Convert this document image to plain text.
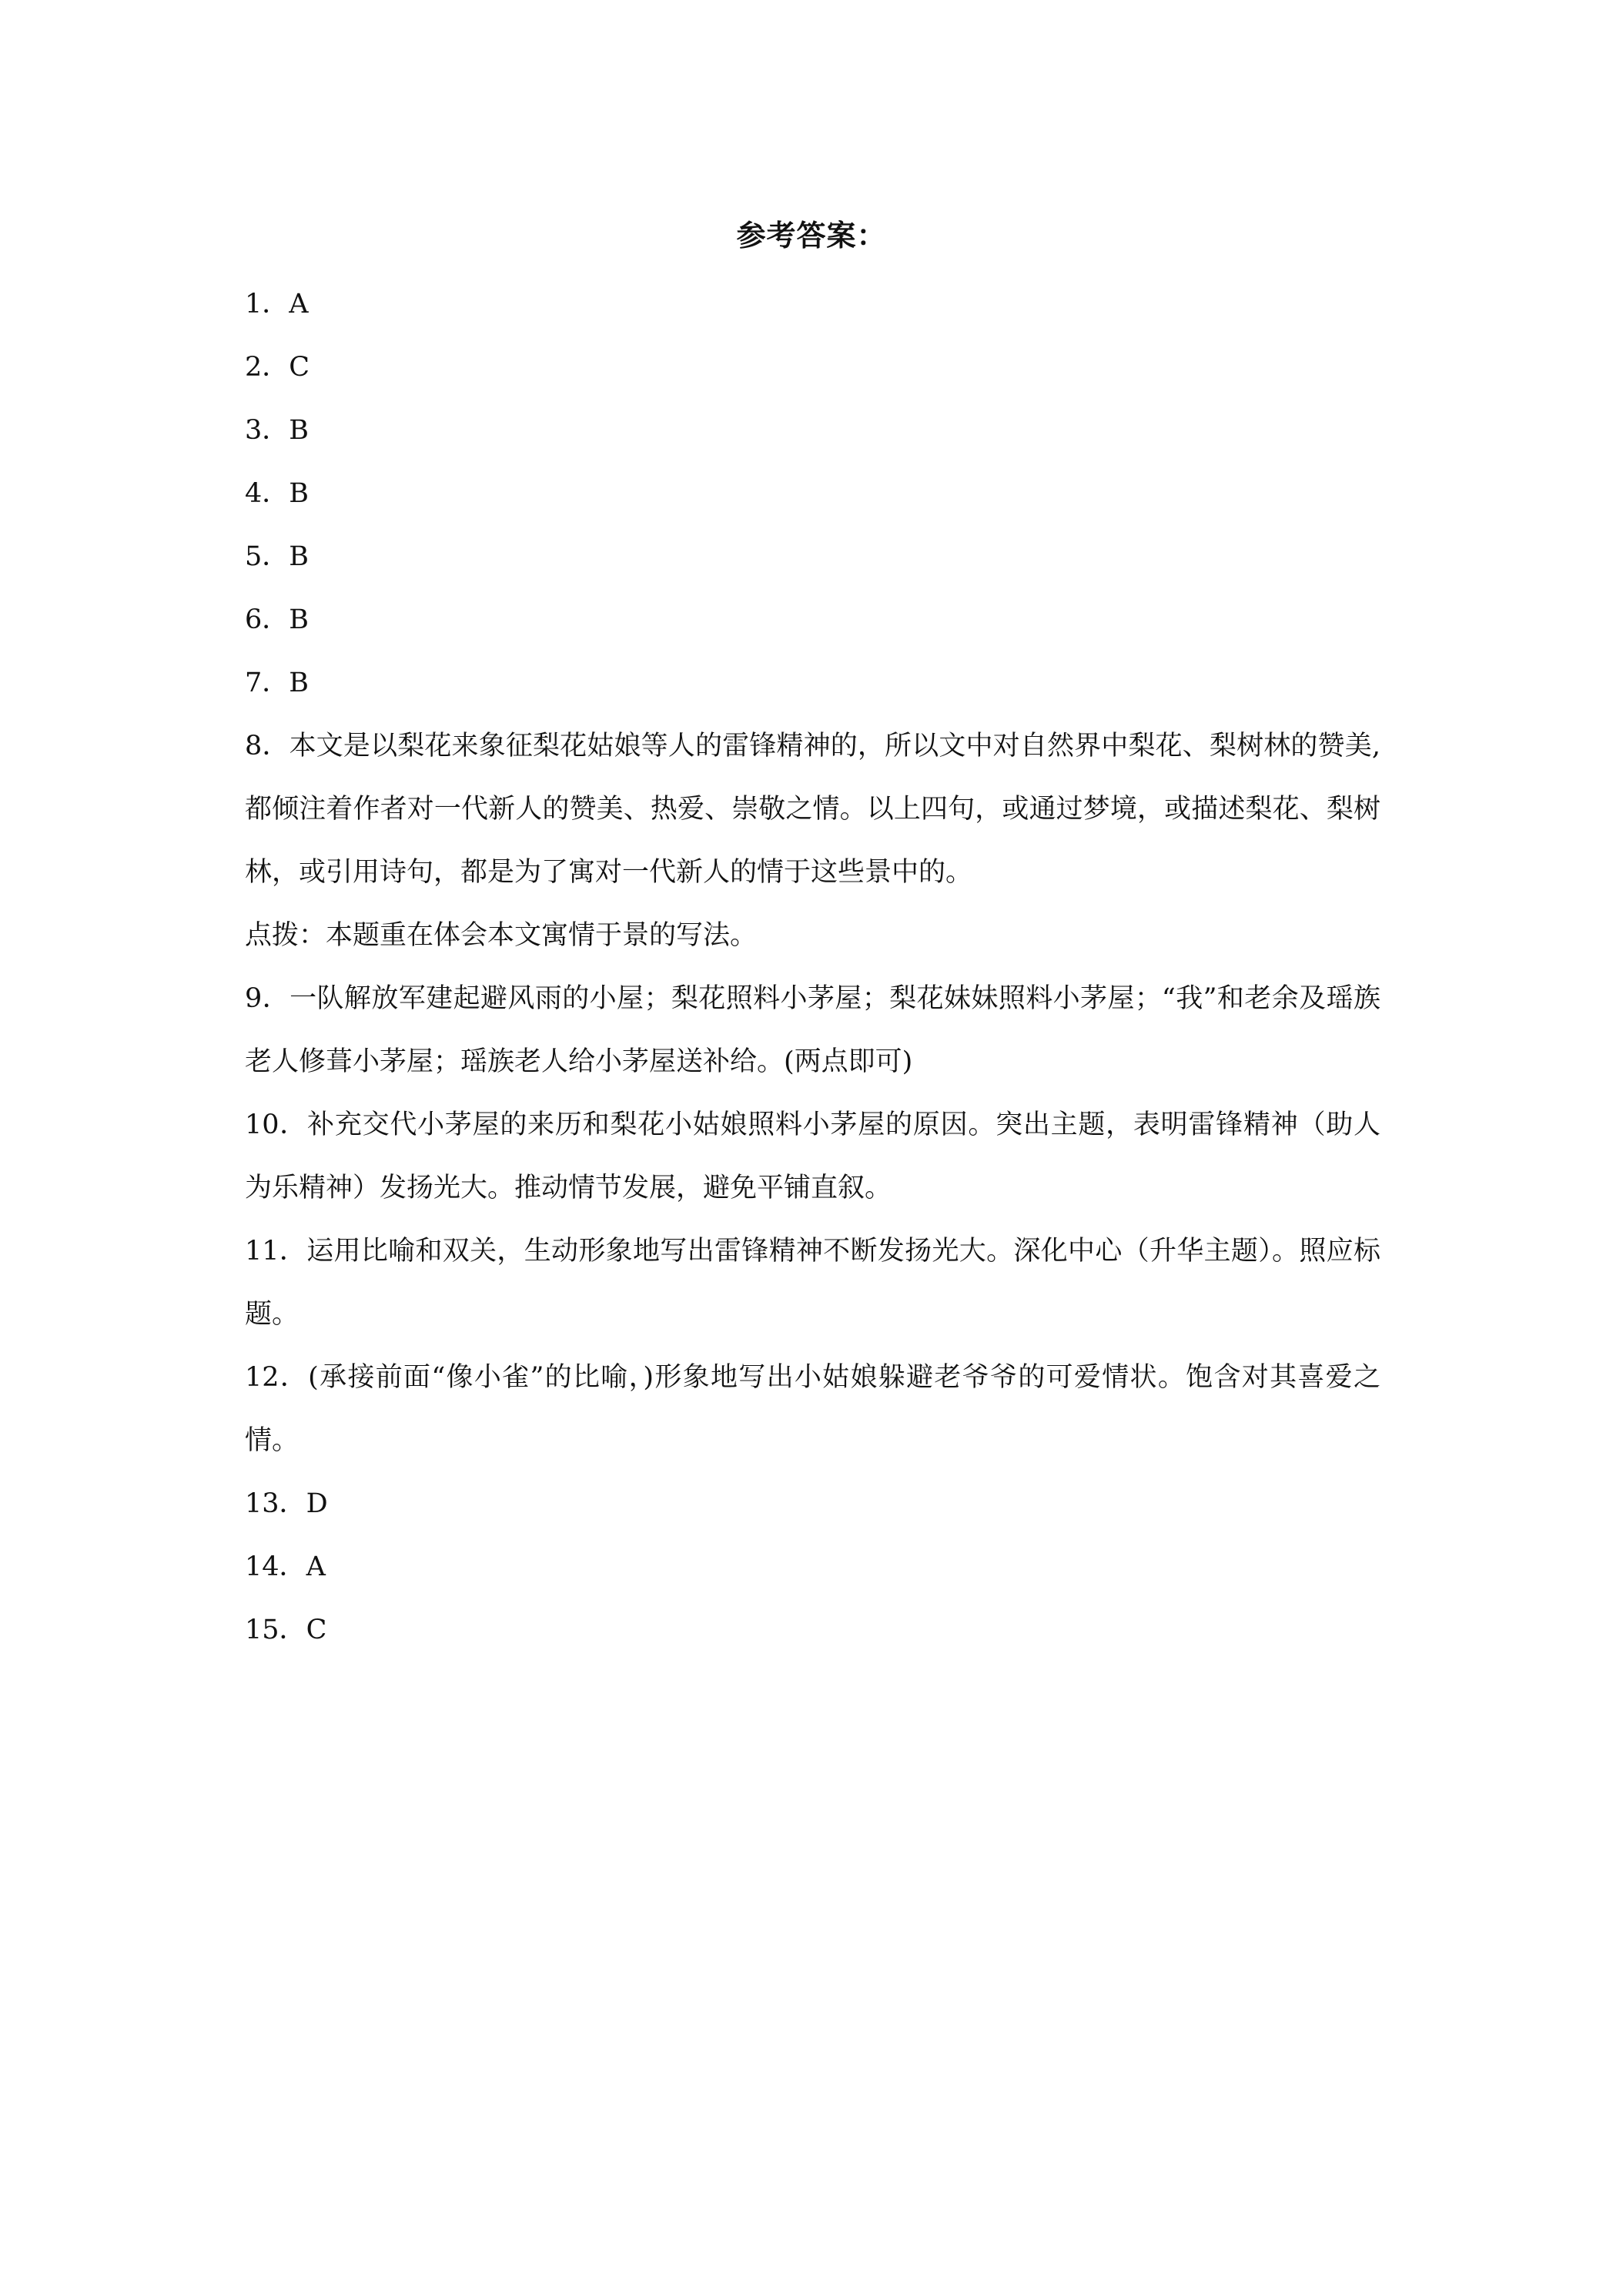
参考答案：

1．A

2．C

3．B

4．B

5．B

6．B

7．B

8．本文是以梨花来象征梨花姑娘等人的雷锋精神的，所以文中对自然界中梨花、梨树林的赞美,都倾注着作者对一代新人的赞美、热爱、崇敬之情。以上四句，或通过梦境，或描述梨花、梨树林，或引用诗句，都是为了寓对一代新人的情于这些景中的。

点拨：本题重在体会本文寓情于景的写法。

9．一队解放军建起避风雨的小屋；梨花照料小茅屋；梨花妹妹照料小茅屋；“我”和老余及瑶族老人修葺小茅屋；瑶族老人给小茅屋送补给。(两点即可)

10．补充交代小茅屋的来历和梨花小姑娘照料小茅屋的原因。突出主题，表明雷锋精神（助人为乐精神）发扬光大。推动情节发展，避免平铺直叙。

11．运用比喻和双关，生动形象地写出雷锋精神不断发扬光大。深化中心（升华主题）。照应标题。

12．(承接前面“像小雀”的比喻，)形象地写出小姑娘躲避老爷爷的可爱情状。饱含对其喜爱之情。

13．D

14．A

15．C
